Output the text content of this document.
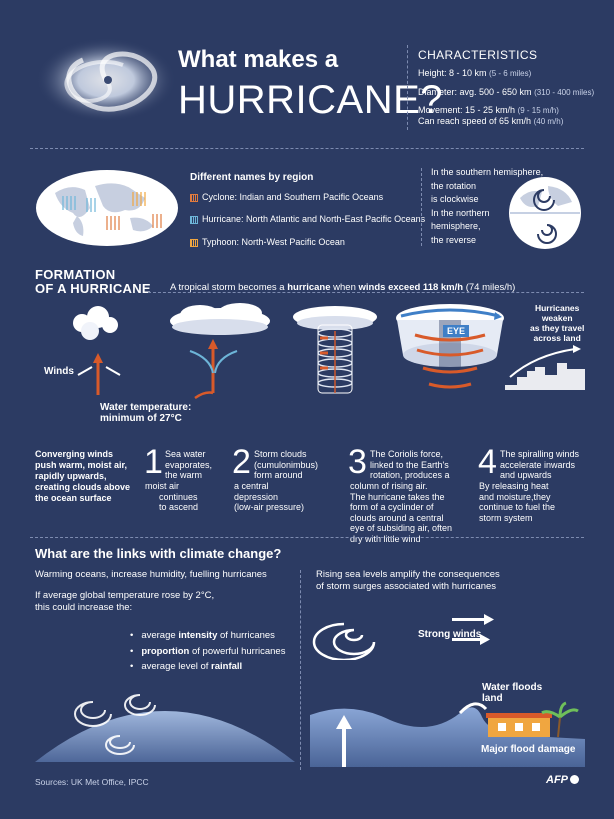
What makes a
HURRICANE?
CHARACTERISTICS
Height: 8 - 10 km (5 - 6 miles)
Diameter: avg. 500 - 650 km (310 - 400 miles)
Movement: 15 - 25 km/h (9 - 15 m/h)
Can reach speed of 65 km/h (40 m/h)
Different names by region
Cyclone: Indian and Southern Pacific Oceans
Hurricane: North Atlantic and North-East Pacific Oceans
Typhoon: North-West Pacific Ocean
In the southern hemisphere,
the rotation
is clockwise
In the northern
hemisphere,
the reverse
FORMATION
OF A HURRICANE A tropical storm becomes a hurricane when winds exceed 118 km/h (74 miles/h)
Winds
Water temperature:
minimum of 27°C
EYE
Hurricanes
weaken
as they travel
across land
Converging winds
push warm, moist air,
rapidly upwards,
creating clouds above
the ocean surface
1 Sea water
evaporates,
the warm
moist air
continues
to ascend
2 Storm clouds
(cumulonimbus)
form around
a central
depression
(low-air pressure)
3 The Coriolis force,
linked to the Earth's
rotation, produces a
column of rising air.
The hurricane takes the
form of a cyclinder of
clouds around a central
eye of subsiding air, often
dry with little wind
4 The spiralling winds
accelerate inwards
and upwards
By releasing heat
and moisture,they
continue to fuel the
storm system
What are the links with climate change?
Warming oceans, increase humidity, fuelling hurricanes
If average global temperature rose by 2°C,
this could increase the:
• average intensity of hurricanes
• proportion of powerful hurricanes
• average level of rainfall
Rising sea levels amplify the consequences
of storm surges associated with hurricanes
Strong winds
Water floods
land
Major flood damage
Sources: UK Met Office, IPCC	AFP
